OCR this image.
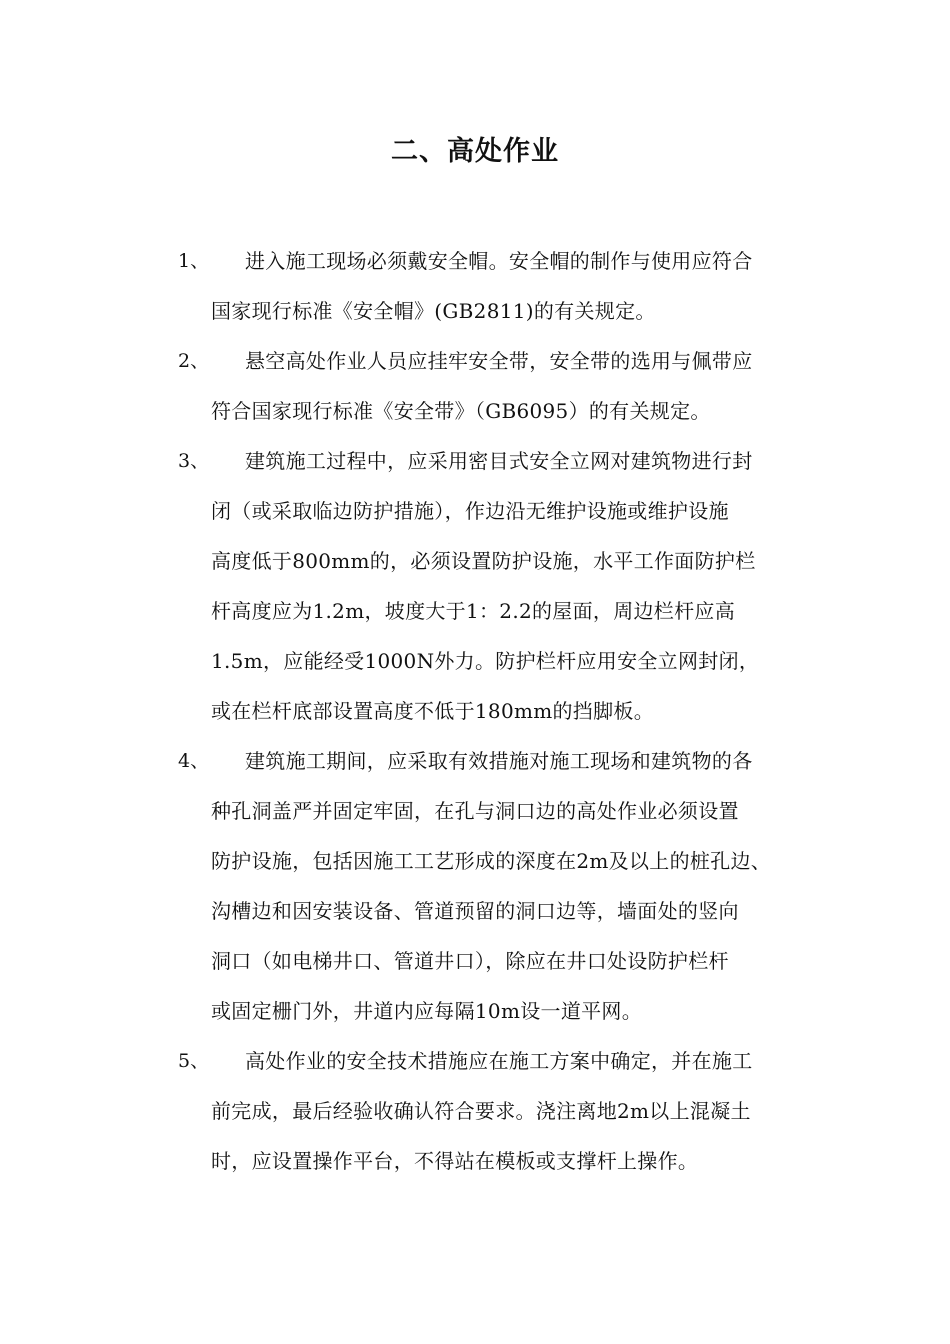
二、高处作业
1、	进入施工现场必须戴安全帽。安全帽的制作与使用应符合
国家现行标准《安全帽》(GB2811)的有关规定。
2、	悬空高处作业人员应挂牢安全带，安全带的选用与佩带应
符合国家现行标准《安全带》（GB6095）的有关规定。
3、	建筑施工过程中，应采用密目式安全立网对建筑物进行封
闭（或采取临边防护措施），作边沿无维护设施或维护设施
高度低于800mm的，必须设置防护设施，水平工作面防护栏
杆高度应为1.2m，坡度大于1：2.2的屋面，周边栏杆应高
1.5m，应能经受1000N外力。防护栏杆应用安全立网封闭，
或在栏杆底部设置高度不低于180mm的挡脚板。
4、	建筑施工期间，应采取有效措施对施工现场和建筑物的各
种孔洞盖严并固定牢固，在孔与洞口边的高处作业必须设置
防护设施，包括因施工工艺形成的深度在2m及以上的桩孔边、
沟槽边和因安装设备、管道预留的洞口边等，墙面处的竖向
洞口（如电梯井口、管道井口），除应在井口处设防护栏杆
或固定栅门外，井道内应每隔10m设一道平网。
5、	高处作业的安全技术措施应在施工方案中确定，并在施工
前完成，最后经验收确认符合要求。浇注离地2m以上混凝土
时，应设置操作平台，不得站在模板或支撑杆上操作。
